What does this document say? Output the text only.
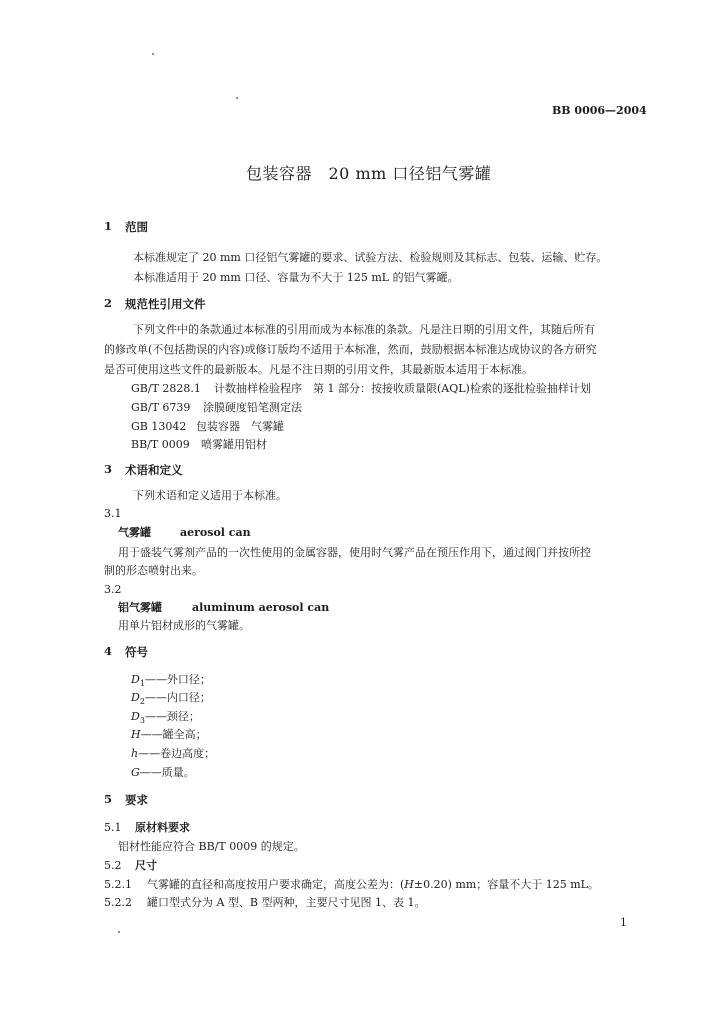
BB 0006—2004
包装容器　20 mm 口径铝气雾罐
1 范围
本标准规定了 20 mm 口径铝气雾罐的要求、试验方法、检验规则及其标志、包装、运输、贮存。
本标准适用于 20 mm 口径、容量为不大于 125 mL 的铝气雾罐。
2 规范性引用文件
下列文件中的条款通过本标准的引用而成为本标准的条款。凡是注日期的引用文件，其随后所有
的修改单(不包括勘误的内容)或修订版均不适用于本标准，然而，鼓励根据本标准达成协议的各方研究
是否可使用这些文件的最新版本。凡是不注日期的引用文件，其最新版本适用于本标准。
GB/T 2828.1 计数抽样检验程序　第 1 部分：按接收质量限(AQL)检索的逐批检验抽样计划
GB/T 6739 涂膜硬度铅笔测定法
GB 13042 包装容器　气雾罐
BB/T 0009 喷雾罐用铝材
3 术语和定义
下列术语和定义适用于本标准。
3.1
气雾罐	aerosol can
用于盛装气雾剂产品的一次性使用的金属容器，使用时气雾产品在预压作用下，通过阀门并按所控
制的形态喷射出来。
3.2
铝气雾罐	aluminum aerosol can
用单片铝材成形的气雾罐。
4 符号
$D_1——$外口径；
$D_2——$内口径；
$D_3——$颈径；
H——罐全高；
h——卷边高度；
G——质量。
5 要求
5.1 原材料要求
铝材性能应符合 BB/T 0009 的规定。
5.2 尺寸
5.2.1 气雾罐的直径和高度按用户要求确定，高度公差为：(H±0.20) mm；容量不大于 125 mL。
5.2.2 罐口型式分为 A 型、B 型两种，主要尺寸见图 1、表 1。
1
